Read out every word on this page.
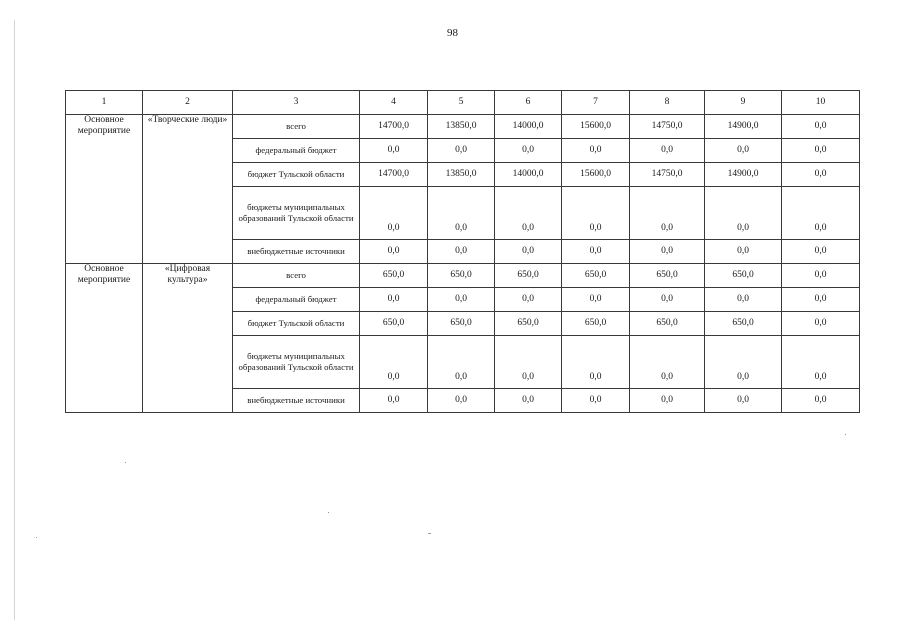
98
1	2	3	4	5	6	7	8	9	10
Основное мероприятие	«Творческие люди»	всего	14700,0	13850,0	14000,0	15600,0	14750,0	14900,0	0,0
		федеральный бюджет	0,0	0,0	0,0	0,0	0,0	0,0	0,0
		бюджет Тульской области	14700,0	13850,0	14000,0	15600,0	14750,0	14900,0	0,0
		бюджеты муниципальных образований Тульской области	0,0	0,0	0,0	0,0	0,0	0,0	0,0
		внебюджетные источники	0,0	0,0	0,0	0,0	0,0	0,0	0,0
Основное мероприятие	«Цифровая культура»	всего	650,0	650,0	650,0	650,0	650,0	650,0	0,0
		федеральный бюджет	0,0	0,0	0,0	0,0	0,0	0,0	0,0
		бюджет Тульской области	650,0	650,0	650,0	650,0	650,0	650,0	0,0
		бюджеты муниципальных образований Тульской области	0,0	0,0	0,0	0,0	0,0	0,0	0,0
		внебюджетные источники	0,0	0,0	0,0	0,0	0,0	0,0	0,0
